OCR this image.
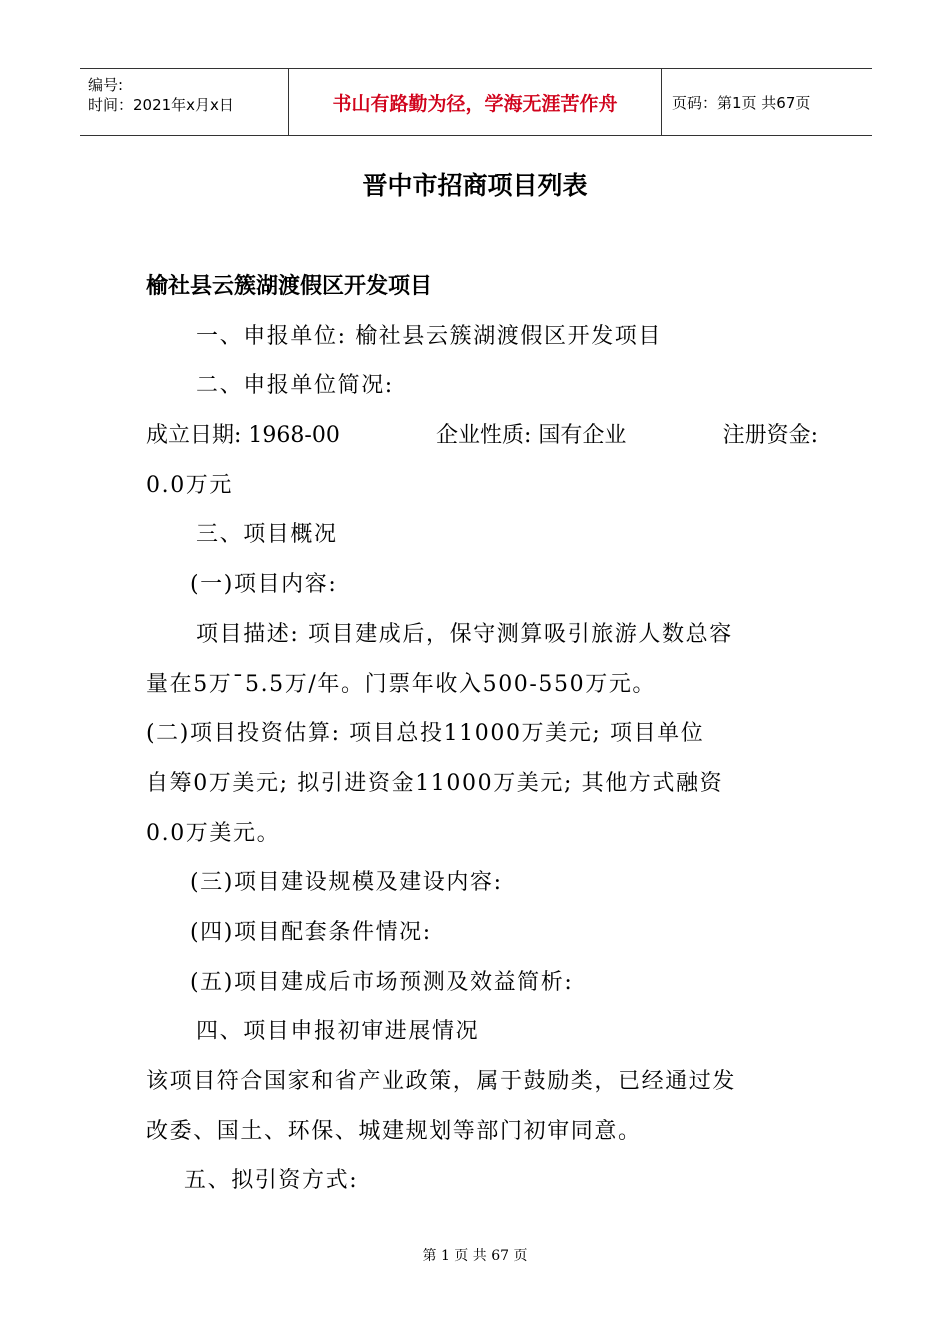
编号:
时间：2021年x月x日	书山有路勤为径，学海无涯苦作舟	页码：第1页 共67页
晋中市招商项目列表
榆社县云簇湖渡假区开发项目
一、申报单位: 榆社县云簇湖渡假区开发项目
二、申报单位简况:
成立日期: 1968-00	企业性质: 国有企业	注册资金:
0.0万元
三、项目概况
(一)项目内容:
项目描述: 项目建成后，保守测算吸引旅游人数总容
量在5万¯5.5万/年。门票年收入500-550万元。
(二)项目投资估算: 项目总投11000万美元; 项目单位
自筹0万美元; 拟引进资金11000万美元; 其他方式融资
0.0万美元。
(三)项目建设规模及建设内容:
(四)项目配套条件情况:
(五)项目建成后市场预测及效益简析:
四、项目申报初审进展情况
该项目符合国家和省产业政策，属于鼓励类，已经通过发
改委、国土、环保、城建规划等部门初审同意。
五、拟引资方式:
第 1 页 共 67 页
